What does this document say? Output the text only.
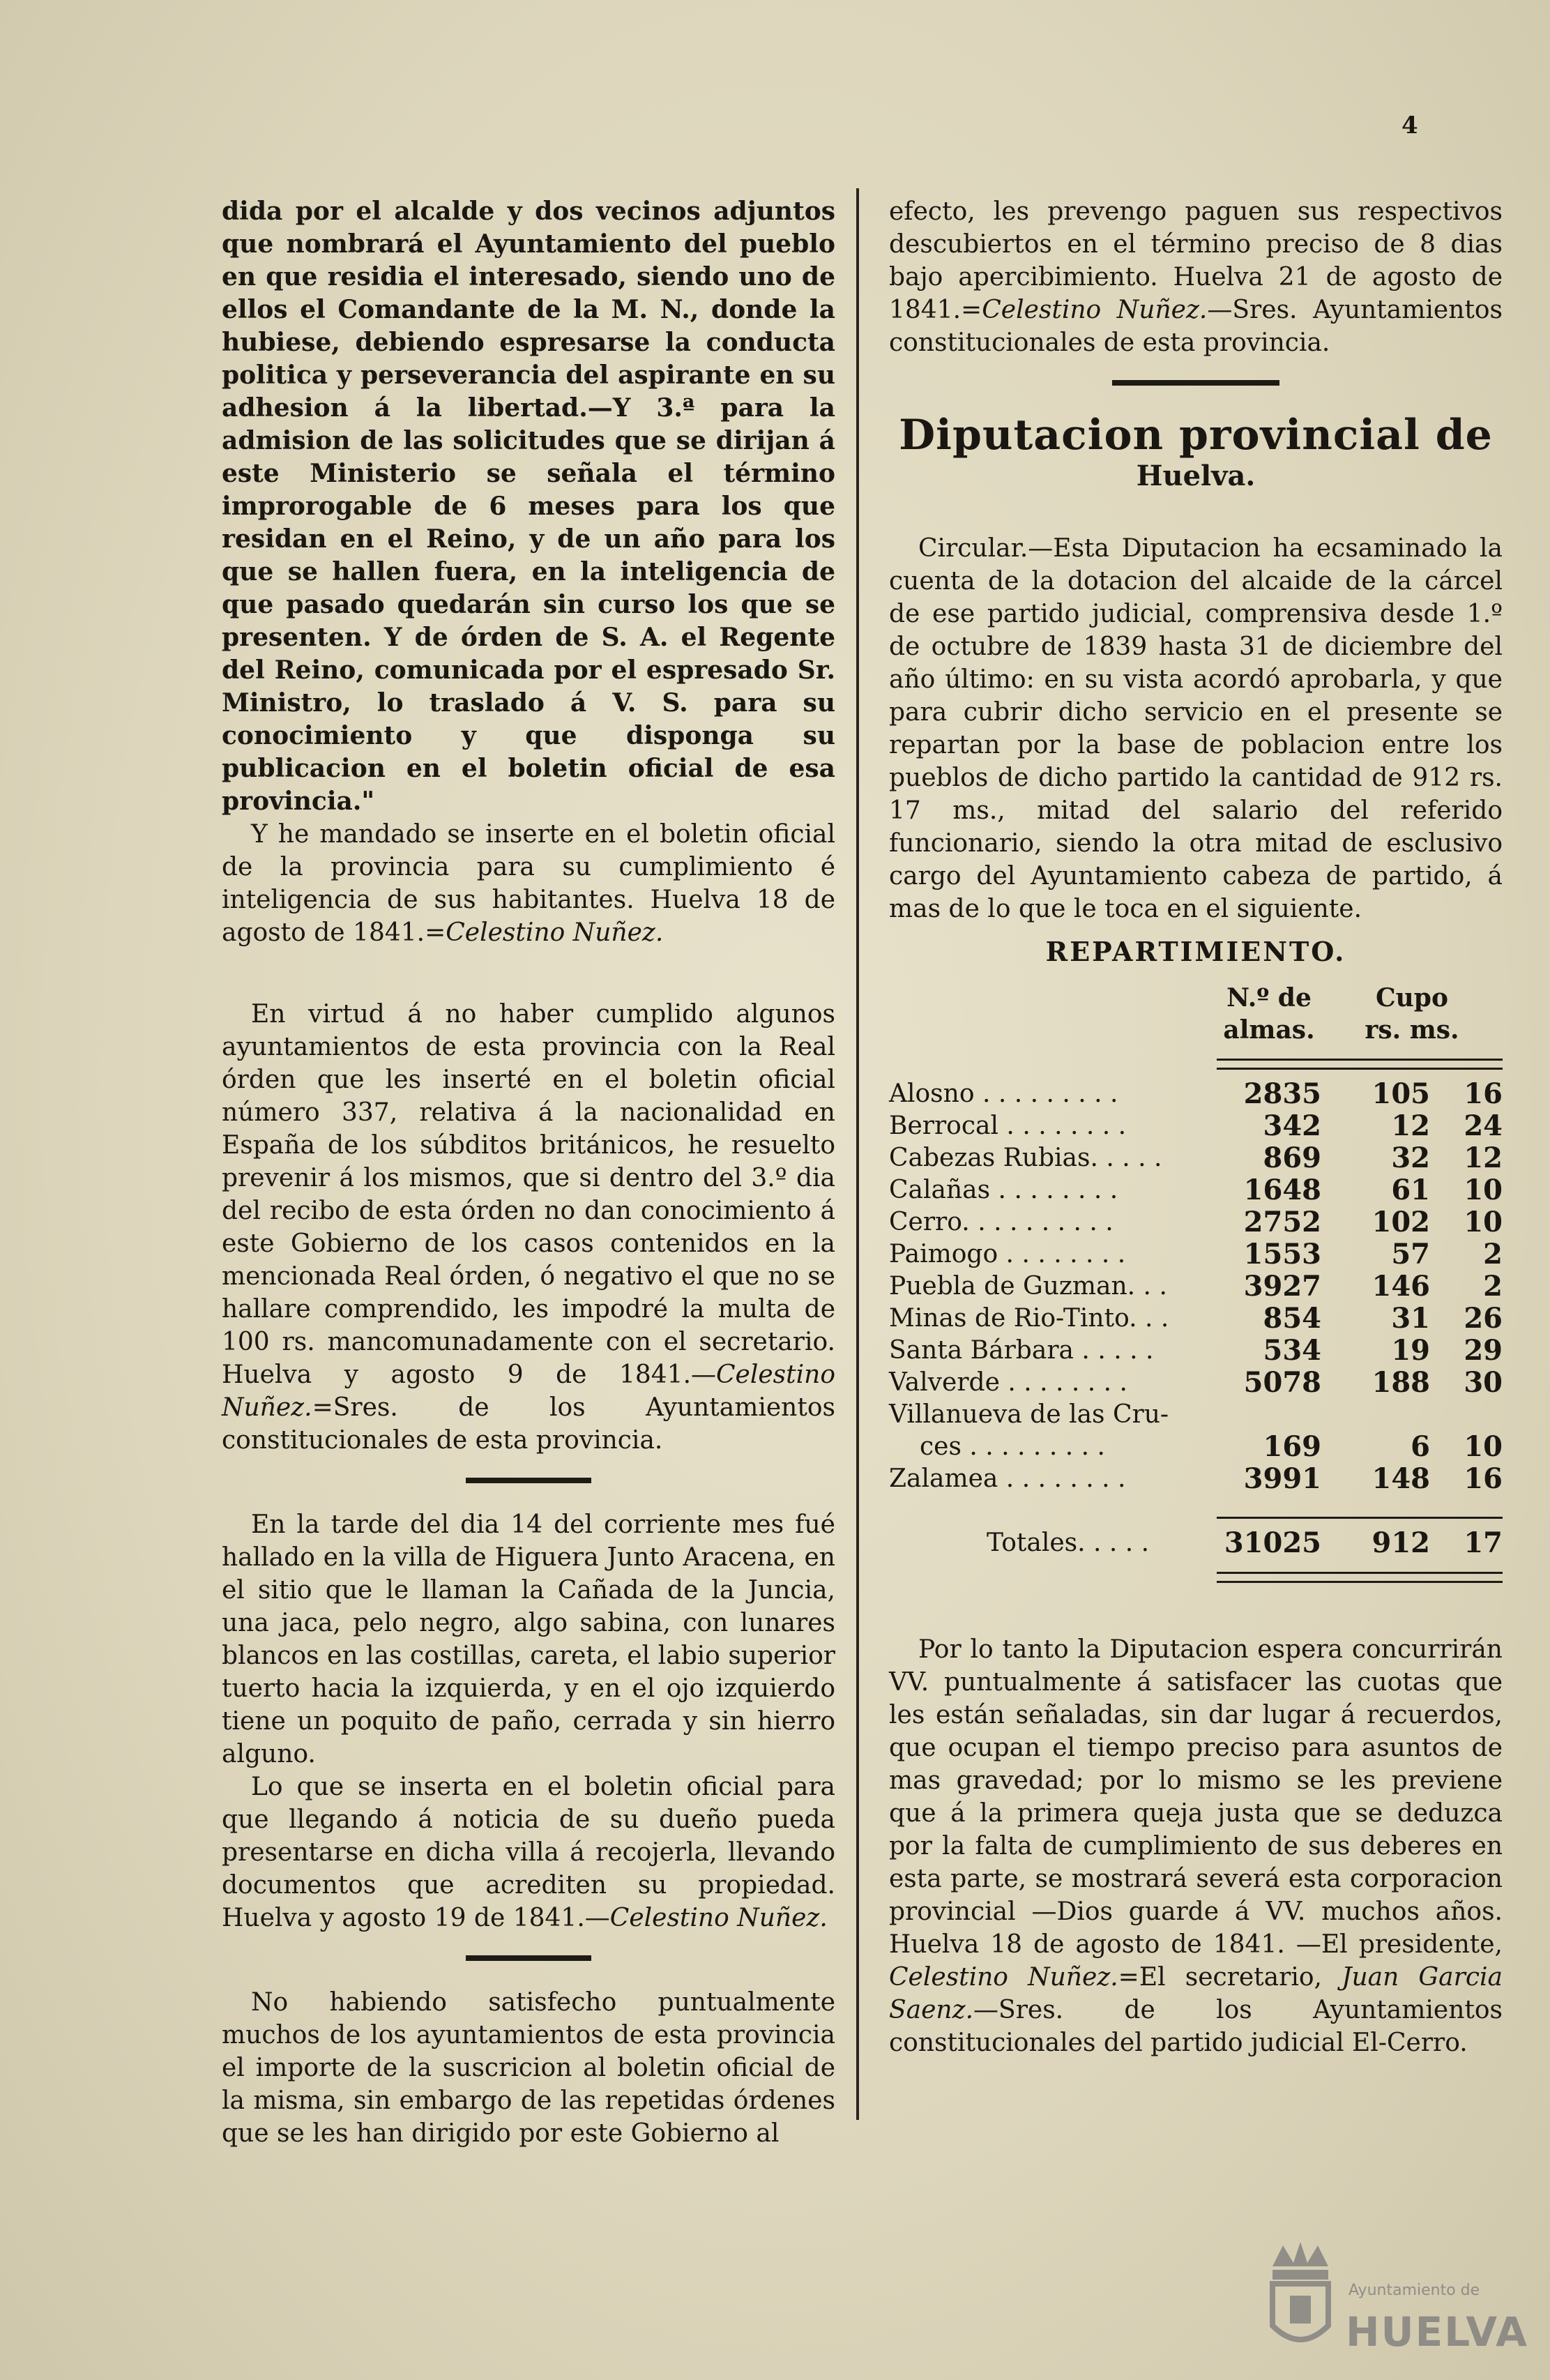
4

dida por el alcalde y dos vecinos adjuntos que nombrará el Ayuntamiento del pueblo en que residia el interesado, siendo uno de ellos el Comandante de la M. N., donde la hubiese, debiendo espresarse la conducta politica y perseverancia del aspirante en su adhesion á la libertad.—Y 3.ª para la admision de las solicitudes que se dirijan á este Ministerio se señala el término improrogable de 6 meses para los que residan en el Reino, y de un año para los que se hallen fuera, en la inteligencia de que pasado quedarán sin curso los que se presenten. Y de órden de S. A. el Regente del Reino, comunicada por el espresado Sr. Ministro, lo traslado á V. S. para su conocimiento y que disponga su publicacion en el boletin oficial de esa provincia."

Y he mandado se inserte en el boletin oficial de la provincia para su cumplimiento é inteligencia de sus habitantes. Huelva 18 de agosto de 1841.=Celestino Nuñez.

En virtud á no haber cumplido algunos ayuntamientos de esta provincia con la Real órden que les inserté en el boletin oficial número 337, relativa á la nacionalidad en España de los súbditos británicos, he resuelto prevenir á los mismos, que si dentro del 3.º dia del recibo de esta órden no dan conocimiento á este Gobierno de los casos contenidos en la mencionada Real órden, ó negativo el que no se hallare comprendido, les impodré la multa de 100 rs. mancomunadamente con el secretario. Huelva y agosto 9 de 1841.—Celestino Nuñez.=Sres. de los Ayuntamientos constitucionales de esta provincia.

En la tarde del dia 14 del corriente mes fué hallado en la villa de Higuera Junto Aracena, en el sitio que le llaman la Cañada de la Juncia, una jaca, pelo negro, algo sabina, con lunares blancos en las costillas, careta, el labio superior tuerto hacia la izquierda, y en el ojo izquierdo tiene un poquito de paño, cerrada y sin hierro alguno.

Lo que se inserta en el boletin oficial para que llegando á noticia de su dueño pueda presentarse en dicha villa á recojerla, llevando documentos que acrediten su propiedad. Huelva y agosto 19 de 1841.—Celestino Nuñez.

No habiendo satisfecho puntualmente muchos de los ayuntamientos de esta provincia el importe de la suscricion al boletin oficial de la misma, sin embargo de las repetidas órdenes que se les han dirigido por este Gobierno al

efecto, les prevengo paguen sus respectivos descubiertos en el término preciso de 8 dias bajo apercibimiento. Huelva 21 de agosto de 1841.=Celestino Nuñez.—Sres. Ayuntamientos constitucionales de esta provincia.

Diputacion provincial de
Huelva.

Circular.—Esta Diputacion ha ecsaminado la cuenta de la dotacion del alcaide de la cárcel de ese partido judicial, comprensiva desde 1.º de octubre de 1839 hasta 31 de diciembre del año último: en su vista acordó aprobarla, y que para cubrir dicho servicio en el presente se repartan por la base de poblacion entre los pueblos de dicho partido la cantidad de 912 rs. 17 ms., mitad del salario del referido funcionario, siendo la otra mitad de esclusivo cargo del Ayuntamiento cabeza de partido, á mas de lo que le toca en el siguiente.

REPARTIMIENTO.
	N.º de	Cupo	
	almas.	rs. ms.	

Alosno . . . . . . . . .	2835	105	16
Berrocal . . . . . . . .	342	12	24
Cabezas Rubias. . . . .	869	32	12
Calañas . . . . . . . .	1648	61	10
Cerro. . . . . . . . . .	2752	102	10
Paimogo . . . . . . . .	1553	57	2
Puebla de Guzman. . .	3927	146	2
Minas de Rio-Tinto. . .	854	31	26
Santa Bárbara . . . . .	534	19	29
Valverde . . . . . . . .	5078	188	30
Villanueva de las Cru-			
ces . . . . . . . . .	169	6	10
Zalamea . . . . . . . .	3991	148	16

Totales. . . . .	31025	912	17

Por lo tanto la Diputacion espera concurrirán VV. puntualmente á satisfacer las cuotas que les están señaladas, sin dar lugar á recuerdos, que ocupan el tiempo preciso para asuntos de mas gravedad; por lo mismo se les previene que á la primera queja justa que se deduzca por la falta de cumplimiento de sus deberes en esta parte, se mostrará severá esta corporacion provincial —Dios guarde á VV. muchos años. Huelva 18 de agosto de 1841. —El presidente, Celestino Nuñez.=El secretario, Juan Garcia Saenz.—Sres. de los Ayuntamientos constitucionales del partido judicial El-Cerro.

Ayuntamiento de
HUELVA
